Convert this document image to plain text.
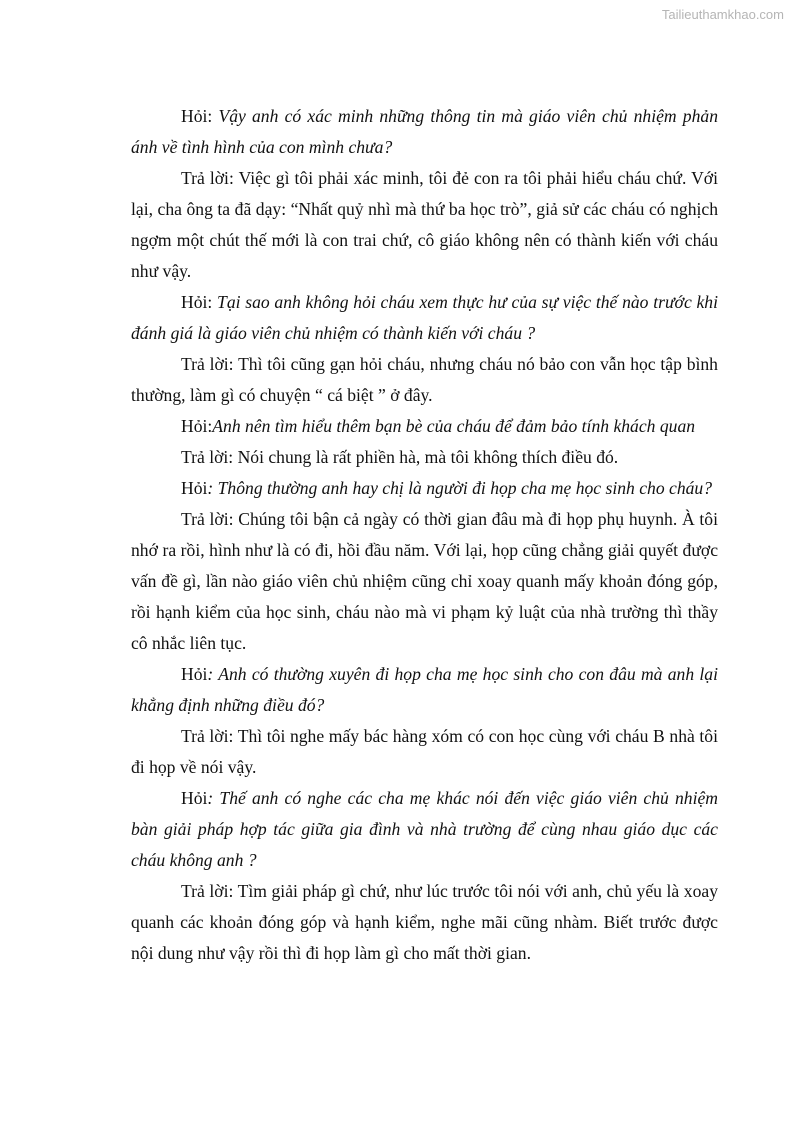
Tailieuthamkhao.com

Hỏi: Vậy anh có xác minh những thông tin mà giáo viên chủ nhiệm phản ánh về tình hình của con mình chưa?

Trả lời: Việc gì tôi phải xác minh, tôi đẻ con ra tôi phải hiểu cháu chứ. Với lại, cha ông ta đã dạy: “Nhất quỷ nhì mà thứ ba học trò”, giả sử các cháu có nghịch ngợm một chút thế mới là con trai chứ, cô giáo không nên có thành kiến với cháu như vậy.

Hỏi: Tại sao anh không hỏi cháu xem thực hư của sự việc thế nào trước khi đánh giá là giáo viên chủ nhiệm có thành kiến với cháu ?

Trả lời: Thì tôi cũng gạn hỏi cháu, nhưng cháu nó bảo con vẫn học tập bình thường, làm gì có chuyện “ cá biệt ” ở đây.

Hỏi:Anh nên tìm hiểu thêm bạn bè của cháu để đảm bảo tính khách quan

Trả lời: Nói chung là rất phiền hà, mà tôi không thích điều đó.

Hỏi: Thông thường anh hay chị là người đi họp cha mẹ học sinh cho cháu?

Trả lời: Chúng tôi bận cả ngày có thời gian đâu mà đi họp phụ huynh. À tôi nhớ ra rồi, hình như là có đi, hồi đầu năm. Với lại, họp cũng chẳng giải quyết được vấn đề gì, lần nào giáo viên chủ nhiệm cũng chỉ xoay quanh mấy khoản đóng góp, rồi hạnh kiểm của học sinh, cháu nào mà vi phạm kỷ luật của nhà trường thì thầy cô nhắc liên tục.

Hỏi: Anh có thường xuyên đi họp cha mẹ học sinh cho con đâu mà anh lại khẳng định những điều đó?

Trả lời: Thì tôi nghe mấy bác hàng xóm có con học cùng với cháu B nhà tôi đi họp về nói vậy.

Hỏi: Thế anh có nghe các cha mẹ khác nói đến việc giáo viên chủ nhiệm bàn giải pháp hợp tác giữa gia đình và nhà trường để cùng nhau giáo dục các cháu không anh ?

Trả lời: Tìm giải pháp gì chứ, như lúc trước tôi nói với anh, chủ yếu là xoay quanh các khoản đóng góp và hạnh kiểm, nghe mãi cũng nhàm. Biết trước được nội dung như vậy rồi thì đi họp làm gì cho mất thời gian.
